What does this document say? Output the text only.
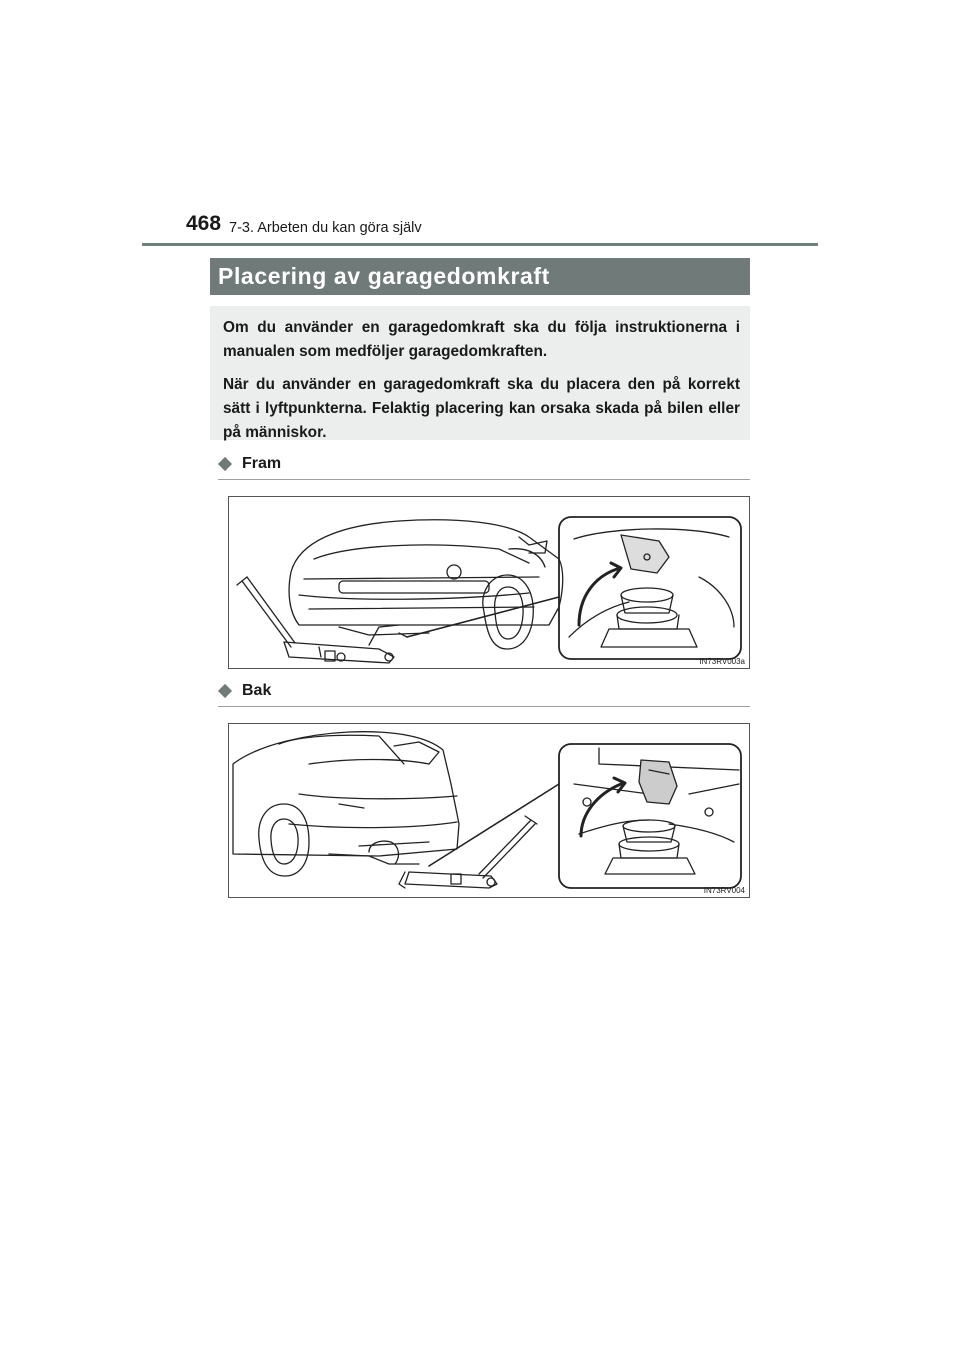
468 7-3. Arbeten du kan göra själv
Placering av garagedomkraft

Om du använder en garagedomkraft ska du följa instruktionerna i manualen som medföljer garagedomkraften.

När du använder en garagedomkraft ska du placera den på korrekt sätt i lyftpunkterna. Felaktig placering kan orsaka skada på bilen eller på människor.

Fram
IN73RV003a
Bak
IN73RV004
